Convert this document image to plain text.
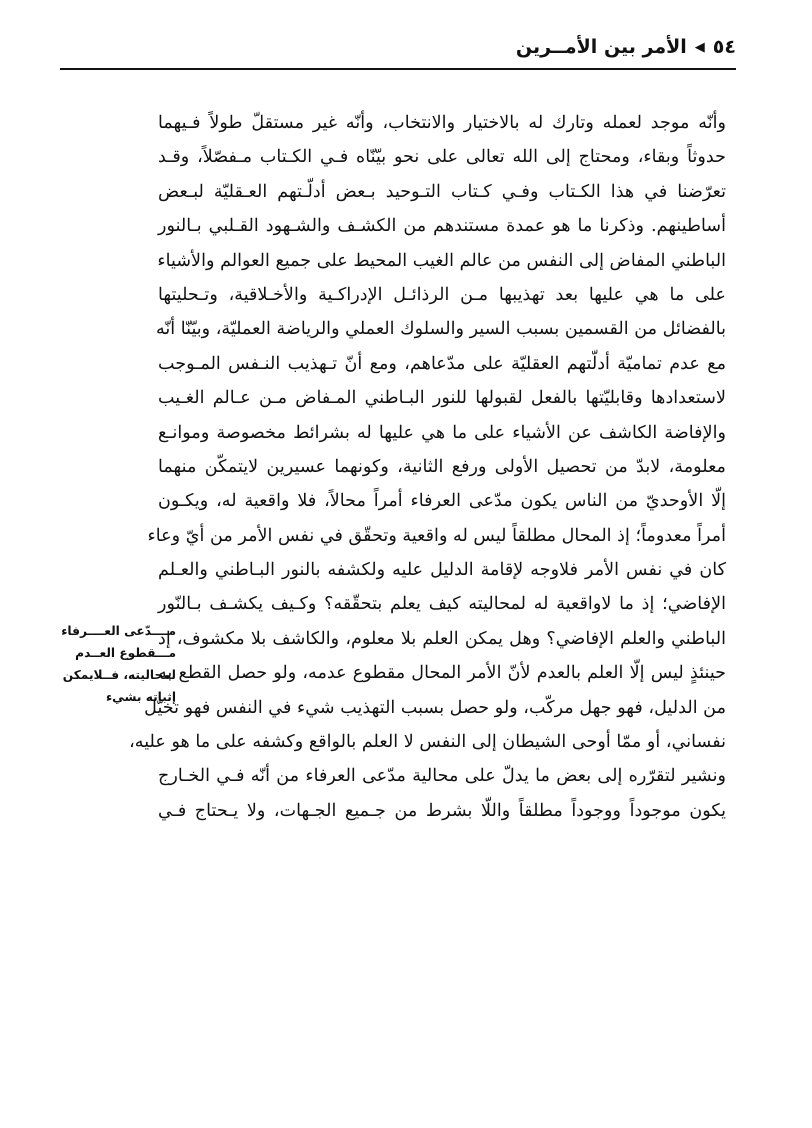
٥٤
◀
الأمر بين الأمــرين
وأنّه موجد لعمله وتارك له بالاختيار والانتخاب، وأنّه غير مستقلّ طولاً فـيهما
حدوثاً وبقاء، ومحتاج إلى الله تعالى على نحو بيّنّاه فـي الكـتاب مـفصّلاً، وقـد
تعرّضنا في هذا الكـتاب وفـي كـتاب التـوحيد بـعض أدلّـتهم العـقليّة لبـعض
أساطينهم. وذكرنا ما هو عمدة مستندهم من الكشـف والشـهود القـلبي بـالنور
الباطني المفاض إلى النفس من عالم الغيب المحيط على جميع العوالم والأشياء
على ما هي عليها بعد تهذيبها مـن الرذائـل الإدراكـية والأخـلاقية، وتـحليتها
بالفضائل من القسمين بسبب السير والسلوك العملي والرياضة العمليّة، وبيّنّا أنّه
مع عدم تماميّة أدلّتهم العقليّة على مدّعاهم، ومع أنّ تـهذيب النـفس المـوجب
لاستعدادها وقابليّتها بالفعل لقبولها للنور البـاطني المـفاض مـن عـالم الغـيب
والإفاضة الكاشف عن الأشياء على ما هي عليها له بشرائط مخصوصة وموانـع
معلومة، لابدّ من تحصيل الأولى ورفع الثانية، وكونهما عسيرين لايتمكّن منهما
إلّا الأوحديّ من الناس يكون مدّعى العرفاء أمراً محالاً، فلا واقعية له، ويكـون
أمراً معدوماً؛ إذ المحال مطلقاً ليس له واقعية وتحقّق في نفس الأمر من أيّ وعاء
كان في نفس الأمر فلاوجه لإقامة الدليل عليه ولكشفه بالنور البـاطني والعـلم
الإفاضي؛ إذ ما لاواقعية له لمحاليته كيف يعلم بتحقّقه؟ وكـيف يكشـف بـالنّور
الباطني والعلم الإفاضي؟ وهل يمكن العلم بلا معلوم، والكاشف بلا مكشوف، إذ
حينئذٍ ليس إلّا العلم بالعدم لأنّ الأمر المحال مقطوع عدمه، ولو حصل القطع به
من الدليل، فهو جهل مركّب، ولو حصل بسبب التهذيب شيء في النفس فهو تخيّل
نفساني، أو ممّا أوحى الشيطان إلى النفس لا العلم بالواقع وكشفه على ما هو عليه،
ونشير لتقرّره إلى بعض ما يدلّ على محالية مدّعى العرفاء من أنّه فـي الخـارج
يكون موجوداً ووجوداً مطلقاً واللّا بشرط من جـميع الجـهات، ولا يـحتاج فـي
مــــدّعى العــــرفاء
مـــقطوع العــدم
لمحاليته، فــلايمكن
إثباته بشيء
